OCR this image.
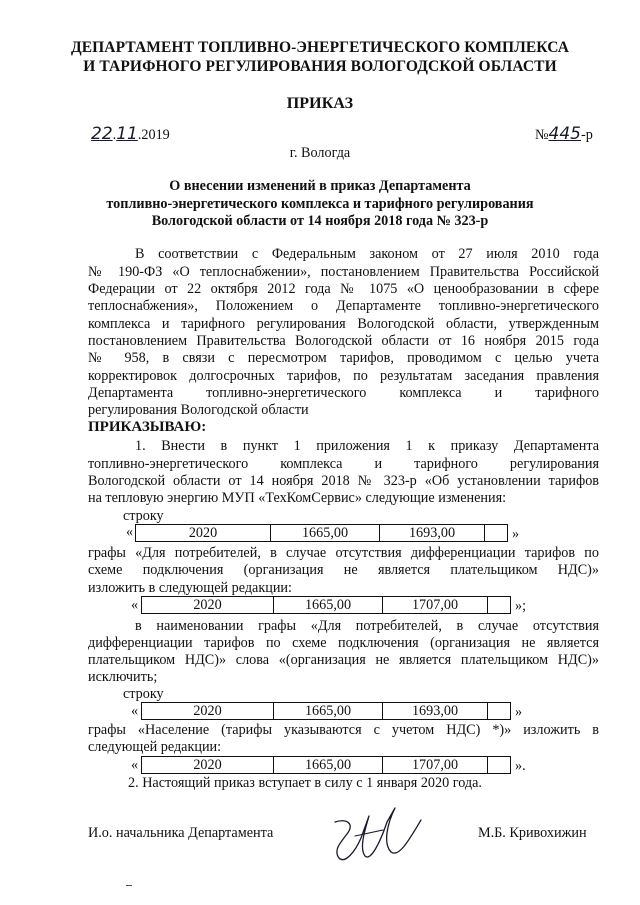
ДЕПАРТАМЕНТ ТОПЛИВНО-ЭНЕРГЕТИЧЕСКОГО КОМПЛЕКСА
И ТАРИФНОГО РЕГУЛИРОВАНИЯ ВОЛОГОДСКОЙ ОБЛАСТИ
ПРИКАЗ
22.11.2019	№445-р
г. Вологда
О внесении изменений в приказ Департамента
топливно-энергетического комплекса и тарифного регулирования
Вологодской области от 14 ноября 2018 года № 323-р
В соответствии с Федеральным законом от 27 июля 2010 года
№ 190-ФЗ «О теплоснабжении», постановлением Правительства Российской
Федерации от 22 октября 2012 года № 1075 «О ценообразовании в сфере
теплоснабжения», Положением о Департаменте топливно-энергетического
комплекса и тарифного регулирования Вологодской области, утвержденным
постановлением Правительства Вологодской области от 16 ноября 2015 года
№ 958, в связи с пересмотром тарифов, проводимом с целью учета
корректировок долгосрочных тарифов, по результатам заседания правления
Департамента топливно-энергетического комплекса и тарифного
регулирования Вологодской области
ПРИКАЗЫВАЮ:
1. Внести в пункт 1 приложения 1 к приказу Департамента
топливно-энергетического комплекса и тарифного регулирования
Вологодской области от 14 ноября 2018 № 323-р «Об установлении тарифов
на тепловую энергию МУП «ТехКомСервис» следующие изменения:
строку
«	2020	1665,00	1693,00		»
графы «Для потребителей, в случае отсутствия дифференциации тарифов по
схеме подключения (организация не является плательщиком НДС)»
изложить в следующей редакции:
«	2020	1665,00	1707,00		»;
в наименовании графы «Для потребителей, в случае отсутствия
дифференциации тарифов по схеме подключения (организация не является
плательщиком НДС)» слова «(организация не является плательщиком НДС)»
исключить;
строку
«	2020	1665,00	1693,00		»
графы «Население (тарифы указываются с учетом НДС) *)» изложить в
следующей редакции:
«	2020	1665,00	1707,00		».
2. Настоящий приказ вступает в силу с 1 января 2020 года.
И.о. начальника Департамента	М.Б. Кривохижин
